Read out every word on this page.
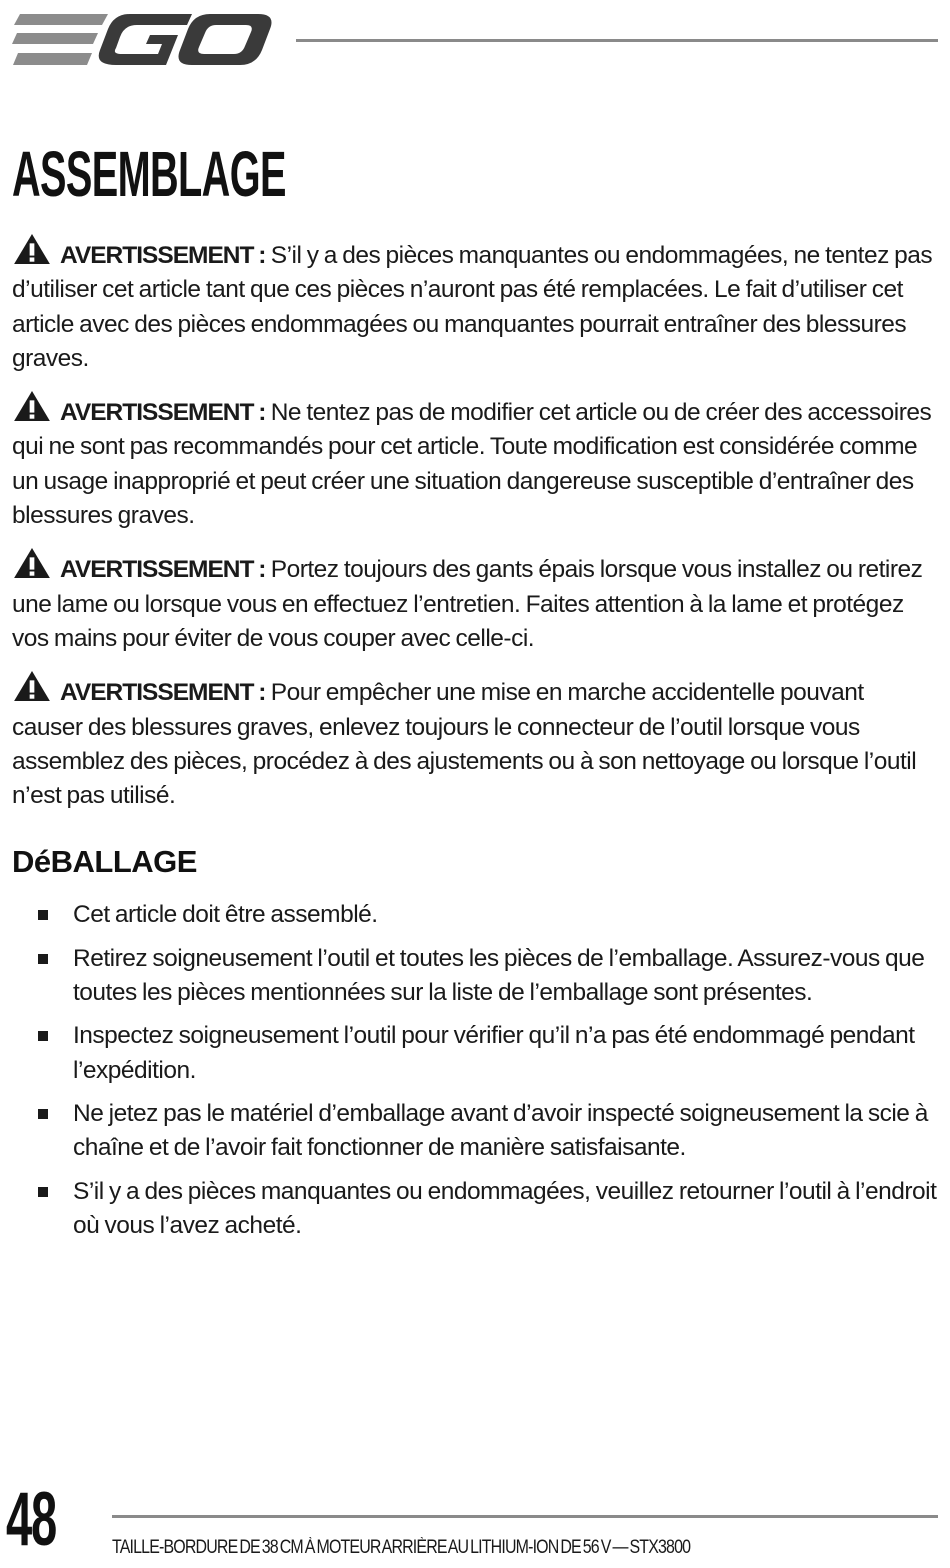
ASSEMBLAGE

AVERTISSEMENT : S’il y a des pièces manquantes ou endommagées, ne tentez pas d’utiliser cet article tant que ces pièces n’auront pas été remplacées. Le fait d’utiliser cet article avec des pièces endommagées ou manquantes pourrait entraîner des blessures graves.

AVERTISSEMENT : Ne tentez pas de modifier cet article ou de créer des accessoires qui ne sont pas recommandés pour cet article. Toute modification est considérée comme un usage inapproprié et peut créer une situation dangereuse susceptible d’entraîner des blessures graves.

AVERTISSEMENT : Portez toujours des gants épais lorsque vous installez ou retirez une lame ou lorsque vous en effectuez l’entretien. Faites attention à la lame et protégez vos mains pour éviter de vous couper avec celle-ci.

AVERTISSEMENT : Pour empêcher une mise en marche accidentelle pouvant causer des blessures graves, enlevez toujours le connecteur de l’outil lorsque vous assemblez des pièces, procédez à des ajustements ou à son nettoyage ou lorsque l’outil n’est pas utilisé.

DéBALLAGE
Cet article doit être assemblé.
Retirez soigneusement l’outil et toutes les pièces de l’emballage. Assurez-vous que toutes les pièces mentionnées sur la liste de l’emballage sont présentes.
Inspectez soigneusement l’outil pour vérifier qu’il n’a pas été endommagé pendant l’expédition.
Ne jetez pas le matériel d’emballage avant d’avoir inspecté soigneusement la scie à chaîne et de l’avoir fait fonctionner de manière satisfaisante.
S’il y a des pièces manquantes ou endommagées, veuillez retourner l’outil à l’endroit où vous l’avez acheté.
48	TAILLE-BORDURE DE 38 CM À MOTEUR ARRIÈRE AU LITHIUM-ION DE 56 V — STX3800
